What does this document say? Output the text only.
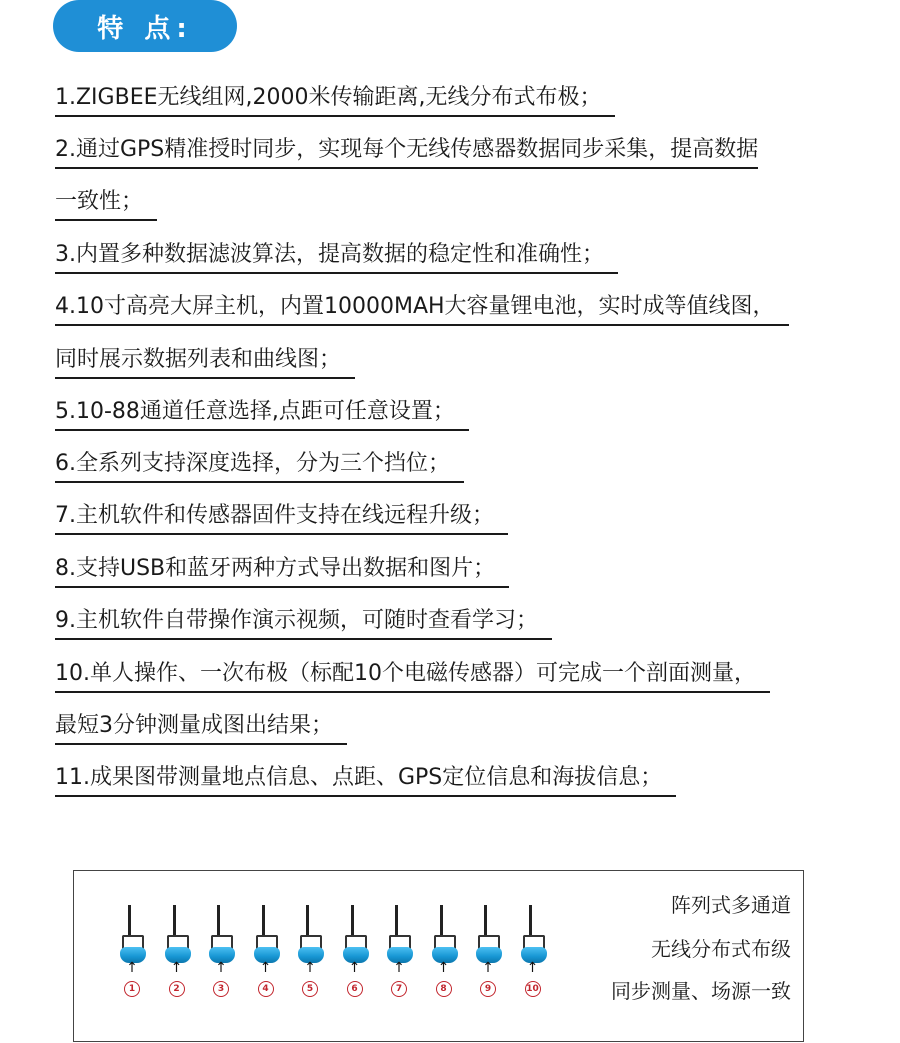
特 点:
1.ZIGBEE无线组网,2000米传输距离,无线分布式布极；
2.通过GPS精准授时同步，实现每个无线传感器数据同步采集，提高数据
一致性；
3.内置多种数据滤波算法，提高数据的稳定性和准确性；
4.10寸高亮大屏主机，内置10000MAH大容量锂电池，实时成等值线图，
同时展示数据列表和曲线图；
5.10-88通道任意选择,点距可任意设置；
6.全系列支持深度选择，分为三个挡位；
7.主机软件和传感器固件支持在线远程升级；
8.支持USB和蓝牙两种方式导出数据和图片；
9.主机软件自带操作演示视频，可随时查看学习；
10.单人操作、一次布极（标配10个电磁传感器）可完成一个剖面测量，
最短3分钟测量成图出结果；
11.成果图带测量地点信息、点距、GPS定位信息和海拔信息；
↑
1
↑
2
↑
3
↑
4
↑
5
↑
6
↑
7
↑
8
↑
9
↑
10
阵列式多通道
无线分布式布级
同步测量、场源一致
